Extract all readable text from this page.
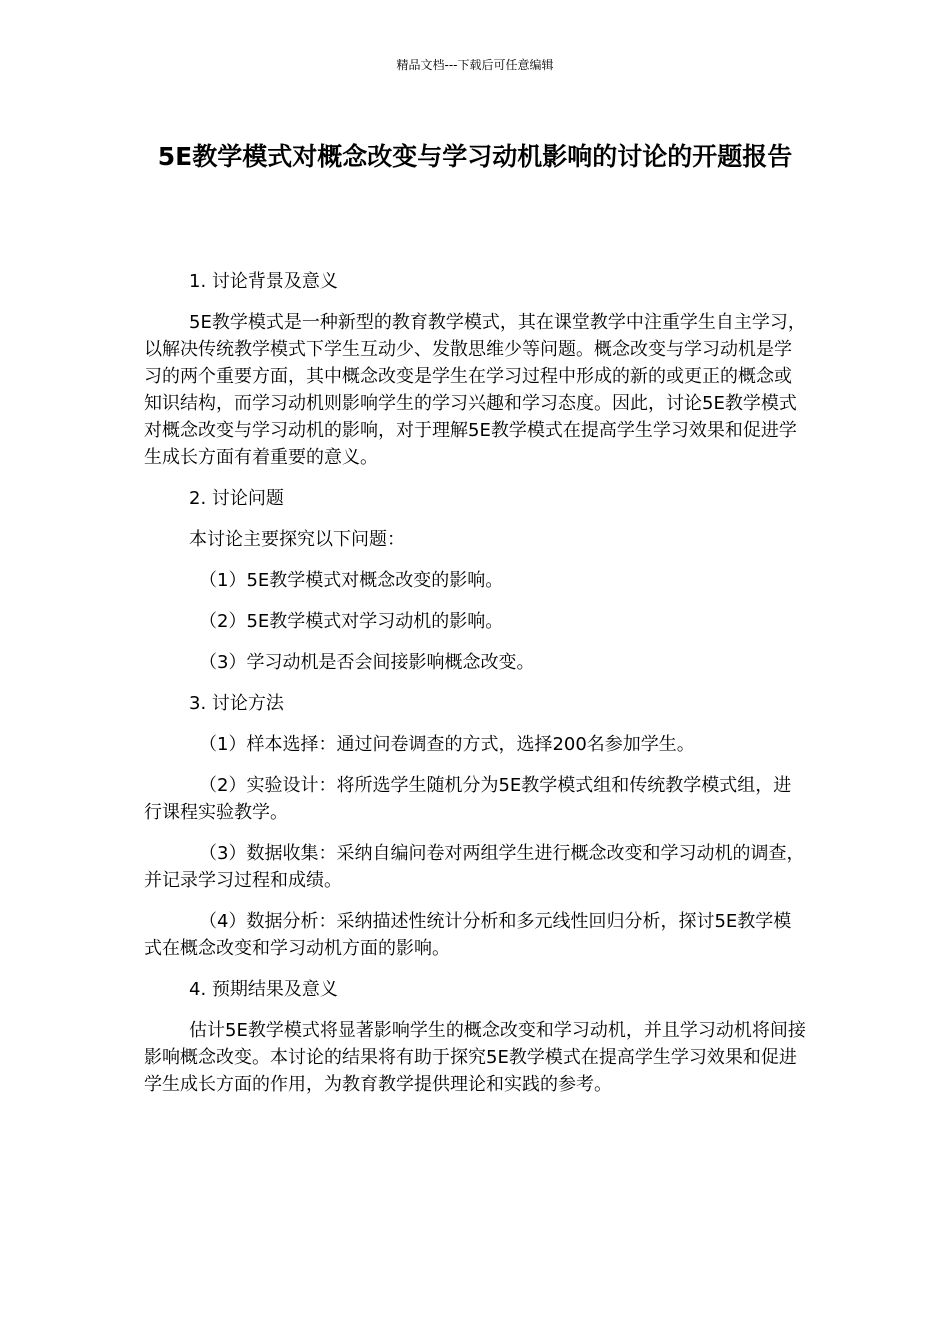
精品文档---下载后可任意编辑
5E教学模式对概念改变与学习动机影响的讨论的开题报告

1. 讨论背景及意义

5E教学模式是一种新型的教育教学模式，其在课堂教学中注重学生自主学习，以解决传统教学模式下学生互动少、发散思维少等问题。概念改变与学习动机是学习的两个重要方面，其中概念改变是学生在学习过程中形成的新的或更正的概念或知识结构，而学习动机则影响学生的学习兴趣和学习态度。因此，讨论5E教学模式对概念改变与学习动机的影响，对于理解5E教学模式在提高学生学习效果和促进学生成长方面有着重要的意义。

2. 讨论问题

本讨论主要探究以下问题：

（1）5E教学模式对概念改变的影响。

（2）5E教学模式对学习动机的影响。

（3）学习动机是否会间接影响概念改变。

3. 讨论方法

（1）样本选择：通过问卷调查的方式，选择200名参加学生。

（2）实验设计：将所选学生随机分为5E教学模式组和传统教学模式组，进行课程实验教学。

（3）数据收集：采纳自编问卷对两组学生进行概念改变和学习动机的调查，并记录学习过程和成绩。

（4）数据分析：采纳描述性统计分析和多元线性回归分析，探讨5E教学模式在概念改变和学习动机方面的影响。

4. 预期结果及意义

估计5E教学模式将显著影响学生的概念改变和学习动机，并且学习动机将间接影响概念改变。本讨论的结果将有助于探究5E教学模式在提高学生学习效果和促进学生成长方面的作用，为教育教学提供理论和实践的参考。
